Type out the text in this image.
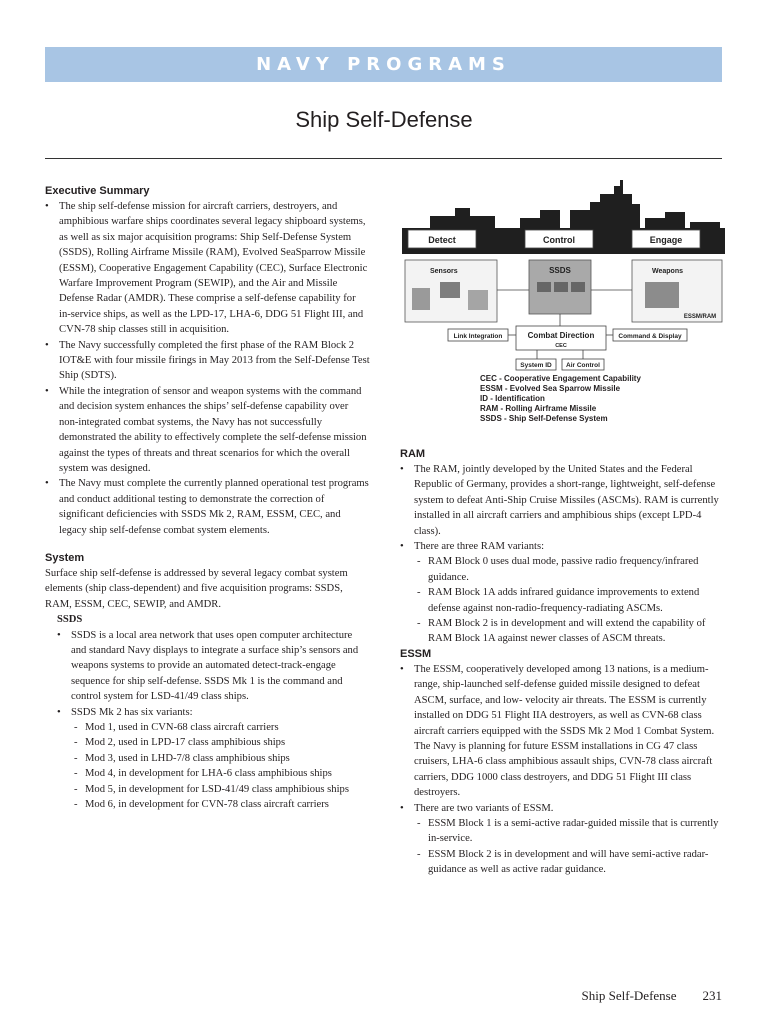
NAVY PROGRAMS
Ship Self-Defense
Executive Summary
• The ship self-defense mission for aircraft carriers, destroyers, and amphibious warfare ships coordinates several legacy shipboard systems, as well as six major acquisition programs: Ship Self-Defense System (SSDS), Rolling Airframe Missile (RAM), Evolved SeaSparrow Missile (ESSM), Cooperative Engagement Capability (CEC), Surface Electronic Warfare Improvement Program (SEWIP), and the Air and Missile Defense Radar (AMDR). These comprise a self-defense capability for in-service ships, as well as the LPD-17, LHA-6, DDG 51 Flight III, and CVN-78 ship classes still in acquisition.
• The Navy successfully completed the first phase of the RAM Block 2 IOT&E with four missile firings in May 2013 from the Self-Defense Test Ship (SDTS).
• While the integration of sensor and weapon systems with the command and decision system enhances the ships’ self-defense capability over non-integrated combat systems, the Navy has not successfully demonstrated the ability to effectively complete the self-defense mission against the types of threats and threat scenarios for which the overall system was designed.
• The Navy must complete the currently planned operational test programs and conduct additional testing to demonstrate the correction of significant deficiencies with SSDS Mk 2, RAM, ESSM, CEC, and legacy ship self-defense combat system elements.
System

Surface ship self-defense is addressed by several legacy combat system elements (ship class-dependent) and five acquisition programs: SSDS, RAM, ESSM, CEC, SEWIP, and AMDR.

SSDS
• SSDS is a local area network that uses open computer architecture and standard Navy displays to integrate a surface ship’s sensors and weapons systems to provide an automated detect-track-engage sequence for ship self-defense. SSDS Mk 1 is the command and control system for LSD-41/49 class ships.
• SSDS Mk 2 has six variants:
- Mod 1, used in CVN-68 class aircraft carriers
- Mod 2, used in LPD-17 class amphibious ships
- Mod 3, used in LHD-7/8 class amphibious ships
- Mod 4, in development for LHA-6 class amphibious ships
- Mod 5, in development for LSD-41/49 class amphibious ships
- Mod 6, in development for CVN-78 class aircraft carriers
Detect	Control	Engage
Sensors	SSDS	Weapons
ESSM/RAM
Link Integration	Combat Direction
CEC
Command & Display
System ID Air Control
CEC - Cooperative Engagement Capability
ESSM - Evolved Sea Sparrow Missile
ID - Identification
RAM - Rolling Airframe Missile
SSDS - Ship Self-Defense System
RAM
• The RAM, jointly developed by the United States and the Federal Republic of Germany, provides a short-range, lightweight, self-defense system to defeat Anti-Ship Cruise Missiles (ASCMs). RAM is currently installed in all aircraft carriers and amphibious ships (except LPD-4 class).
• There are three RAM variants:
- RAM Block 0 uses dual mode, passive radio frequency/infrared guidance.
- RAM Block 1A adds infrared guidance improvements to extend defense against non-radio-frequency-radiating ASCMs.
- RAM Block 2 is in development and will extend the capability of RAM Block 1A against newer classes of ASCM threats.
ESSM
• The ESSM, cooperatively developed among 13 nations, is a medium-range, ship-launched self-defense guided missile designed to defeat ASCM, surface, and low- velocity air threats. The ESSM is currently installed on DDG 51 Flight IIA destroyers, as well as CVN-68 class aircraft carriers equipped with the SSDS Mk 2 Mod 1 Combat System. The Navy is planning for future ESSM installations in CG 47 class cruisers, LHA-6 class amphibious assault ships, CVN-78 class aircraft carriers, DDG 1000 class destroyers, and DDG 51 Flight III class destroyers.
• There are two variants of ESSM.
- ESSM Block 1 is a semi-active radar-guided missile that is currently in-service.
- ESSM Block 2 is in development and will have semi-active radar-guidance as well as active radar guidance.
Ship Self-Defense 231
